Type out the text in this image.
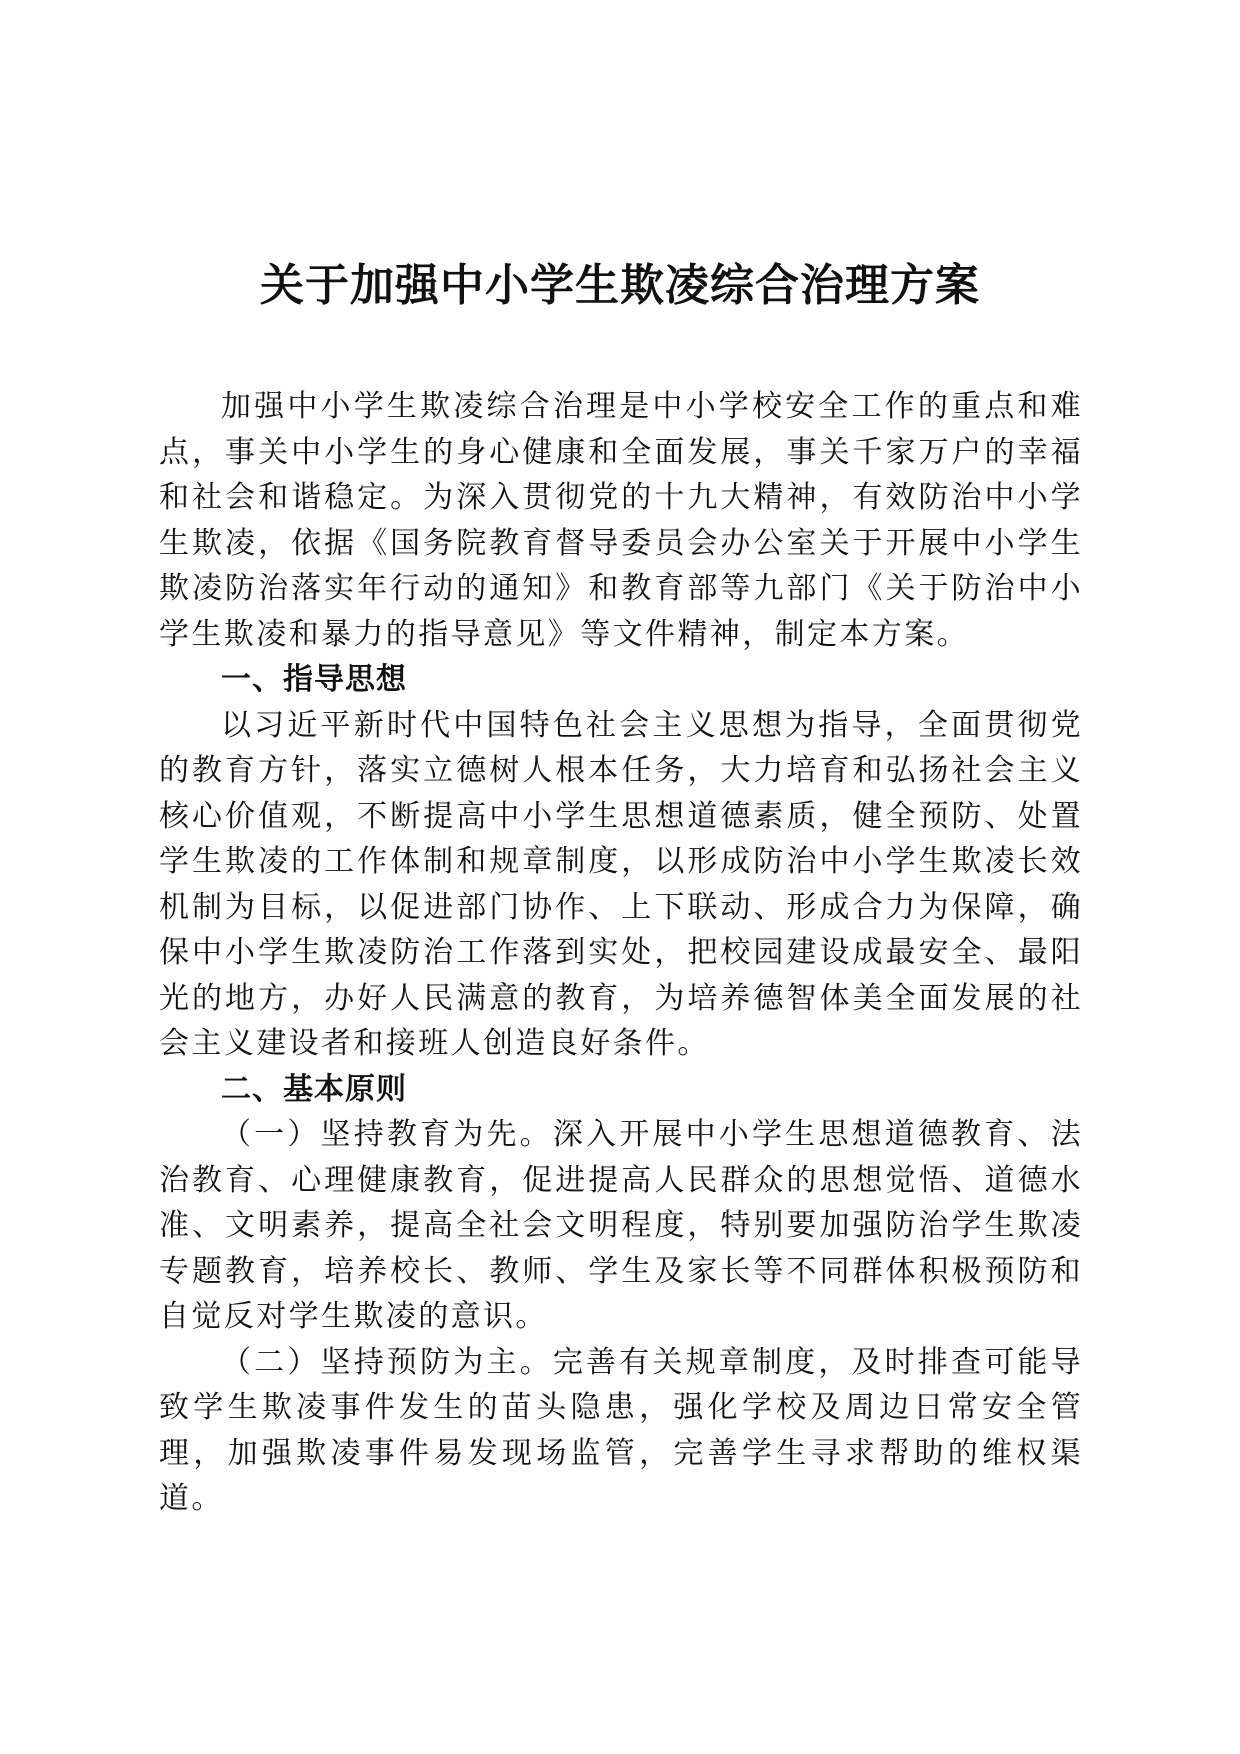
关于加强中小学生欺凌综合治理方案

加强中小学生欺凌综合治理是中小学校安全工作的重点和难点，事关中小学生的身心健康和全面发展，事关千家万户的幸福和社会和谐稳定。为深入贯彻党的十九大精神，有效防治中小学生欺凌，依据《国务院教育督导委员会办公室关于开展中小学生欺凌防治落实年行动的通知》和教育部等九部门《关于防治中小学生欺凌和暴力的指导意见》等文件精神，制定本方案。

一、指导思想

以习近平新时代中国特色社会主义思想为指导，全面贯彻党的教育方针，落实立德树人根本任务，大力培育和弘扬社会主义核心价值观，不断提高中小学生思想道德素质，健全预防、处置学生欺凌的工作体制和规章制度，以形成防治中小学生欺凌长效机制为目标，以促进部门协作、上下联动、形成合力为保障，确保中小学生欺凌防治工作落到实处，把校园建设成最安全、最阳光的地方，办好人民满意的教育，为培养德智体美全面发展的社会主义建设者和接班人创造良好条件。

二、基本原则

（一）坚持教育为先。深入开展中小学生思想道德教育、法治教育、心理健康教育，促进提高人民群众的思想觉悟、道德水准、文明素养，提高全社会文明程度，特别要加强防治学生欺凌专题教育，培养校长、教师、学生及家长等不同群体积极预防和自觉反对学生欺凌的意识。

（二）坚持预防为主。完善有关规章制度，及时排查可能导致学生欺凌事件发生的苗头隐患，强化学校及周边日常安全管理，加强欺凌事件易发现场监管，完善学生寻求帮助的维权渠道。
